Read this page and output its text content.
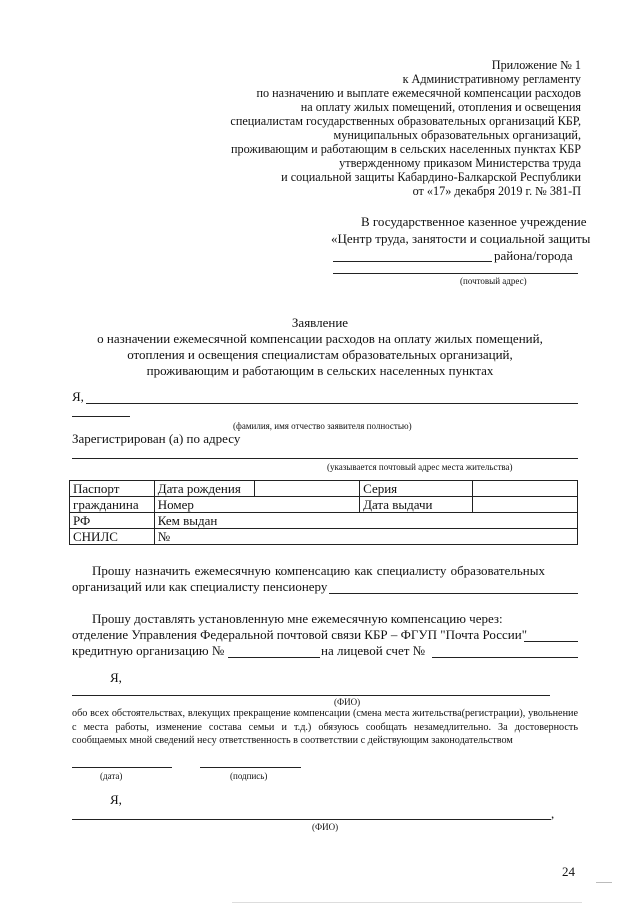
Приложение № 1
к Административному регламенту
по назначению и выплате ежемесячной компенсации расходов
на оплату жилых помещений, отопления и освещения
специалистам государственных образовательных организаций КБР,
муниципальных образовательных организаций,
проживающим и работающим в сельских населенных пунктах КБР
утвержденному приказом Министерства труда
и социальной защиты Кабардино-Балкарской Республики
от «17» декабря 2019 г. № 381-П
В государственное казенное учреждение
«Центр труда, занятости и социальной защиты
района/города
(почтовый адрес)
Заявление
о назначении ежемесячной компенсации расходов на оплату жилых помещений,
отопления и освещения специалистам образовательных организаций,
проживающим и работающим в сельских населенных пунктах
Я,
(фамилия, имя отчество заявителя полностью)
Зарегистрирован (а) по адресу
(указывается почтовый адрес места жительства)
Паспорт	Дата рождения		Серия	
гражданина	Номер		Дата выдачи	
РФ	Кем выдан			
СНИЛС	№			
Прошу назначить ежемесячную компенсацию как специалисту образовательных
организаций или как специалисту пенсионеру
Прошу доставлять установленную мне ежемесячную компенсацию через:
отделение Управления Федеральной почтовой связи КБР – ФГУП "Почта России"
кредитную организацию №	на лицевой счет №
Я,
(ФИО)
обо всех обстоятельствах, влекущих прекращение компенсации (смена места жительства(регистрации), увольнение с места работы, изменение состава семьи и т.д.) обязуюсь сообщать незамедлительно. За достоверность сообщаемых мной сведений несу ответственность в соответствии с действующим законодательством
(дата)	(подпись)
Я,
,
(ФИО)
24
